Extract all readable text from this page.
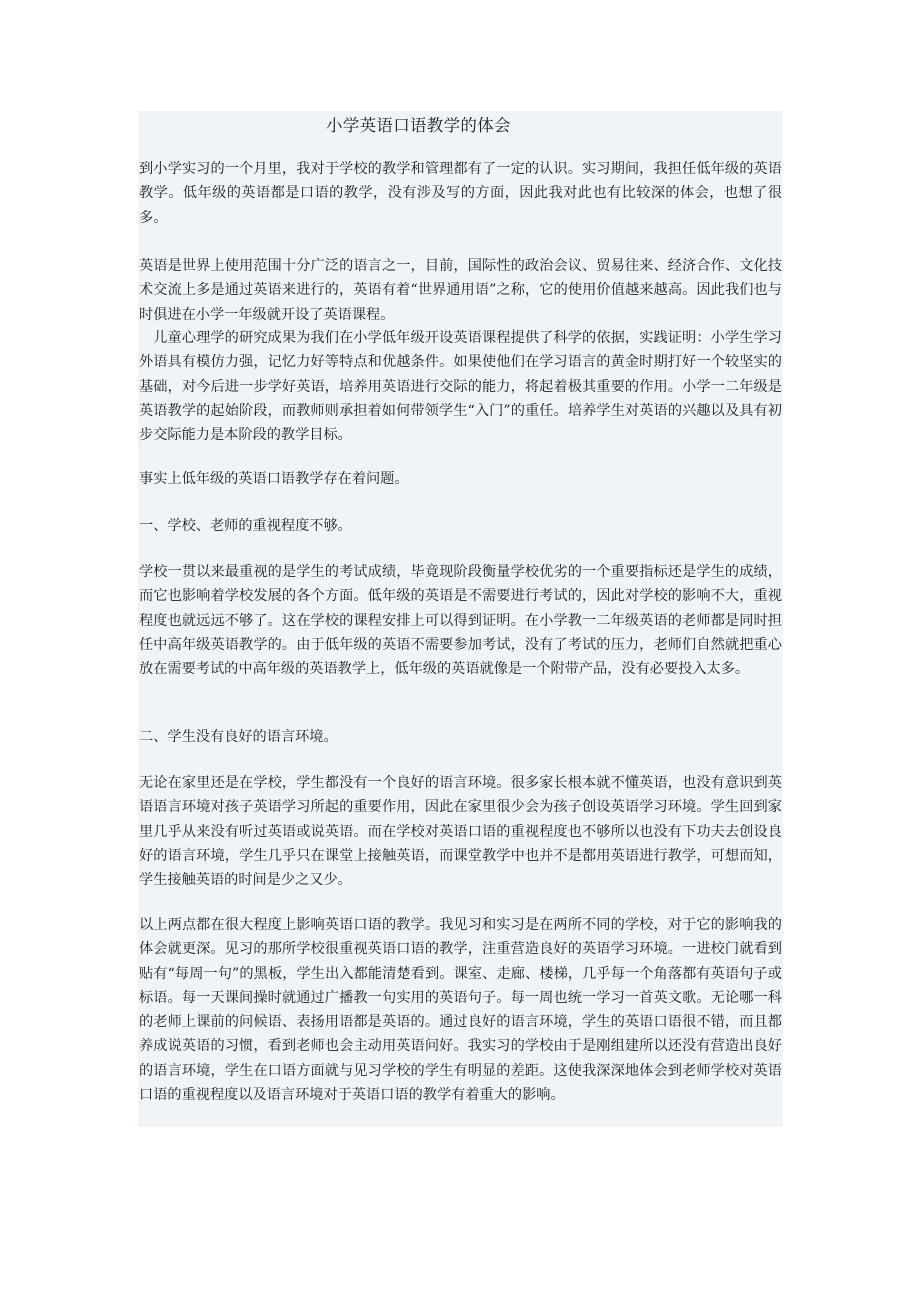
小学英语口语教学的体会

到小学实习的一个月里，我对于学校的教学和管理都有了一定的认识。实习期间，我担任低年级的英语教学。低年级的英语都是口语的教学，没有涉及写的方面，因此我对此也有比较深的体会，也想了很多。

英语是世界上使用范围十分广泛的语言之一，目前，国际性的政治会议、贸易往来、经济合作、文化技术交流上多是通过英语来进行的，英语有着“世界通用语”之称，它的使用价值越来越高。因此我们也与时俱进在小学一年级就开设了英语课程。

儿童心理学的研究成果为我们在小学低年级开设英语课程提供了科学的依据，实践证明：小学生学习外语具有模仿力强，记忆力好等特点和优越条件。如果使他们在学习语言的黄金时期打好一个较坚实的基础，对今后进一步学好英语，培养用英语进行交际的能力，将起着极其重要的作用。小学一二年级是英语教学的起始阶段，而教师则承担着如何带领学生“入门”的重任。培养学生对英语的兴趣以及具有初步交际能力是本阶段的教学目标。

事实上低年级的英语口语教学存在着问题。

一、学校、老师的重视程度不够。

学校一贯以来最重视的是学生的考试成绩，毕竟现阶段衡量学校优劣的一个重要指标还是学生的成绩，而它也影响着学校发展的各个方面。低年级的英语是不需要进行考试的，因此对学校的影响不大，重视程度也就远远不够了。这在学校的课程安排上可以得到证明。在小学教一二年级英语的老师都是同时担任中高年级英语教学的。由于低年级的英语不需要参加考试，没有了考试的压力，老师们自然就把重心放在需要考试的中高年级的英语教学上，低年级的英语就像是一个附带产品，没有必要投入太多。

二、学生没有良好的语言环境。

无论在家里还是在学校，学生都没有一个良好的语言环境。很多家长根本就不懂英语，也没有意识到英语语言环境对孩子英语学习所起的重要作用，因此在家里很少会为孩子创设英语学习环境。学生回到家里几乎从来没有听过英语或说英语。而在学校对英语口语的重视程度也不够所以也没有下功夫去创设良好的语言环境，学生几乎只在课堂上接触英语，而课堂教学中也并不是都用英语进行教学，可想而知，学生接触英语的时间是少之又少。

以上两点都在很大程度上影响英语口语的教学。我见习和实习是在两所不同的学校，对于它的影响我的体会就更深。见习的那所学校很重视英语口语的教学，注重营造良好的英语学习环境。一进校门就看到贴有“每周一句”的黑板，学生出入都能清楚看到。课室、走廊、楼梯，几乎每一个角落都有英语句子或标语。每一天课间操时就通过广播教一句实用的英语句子。每一周也统一学习一首英文歌。无论哪一科的老师上课前的问候语、表扬用语都是英语的。通过良好的语言环境，学生的英语口语很不错，而且都养成说英语的习惯，看到老师也会主动用英语问好。我实习的学校由于是刚组建所以还没有营造出良好的语言环境，学生在口语方面就与见习学校的学生有明显的差距。这使我深深地体会到老师学校对英语口语的重视程度以及语言环境对于英语口语的教学有着重大的影响。
